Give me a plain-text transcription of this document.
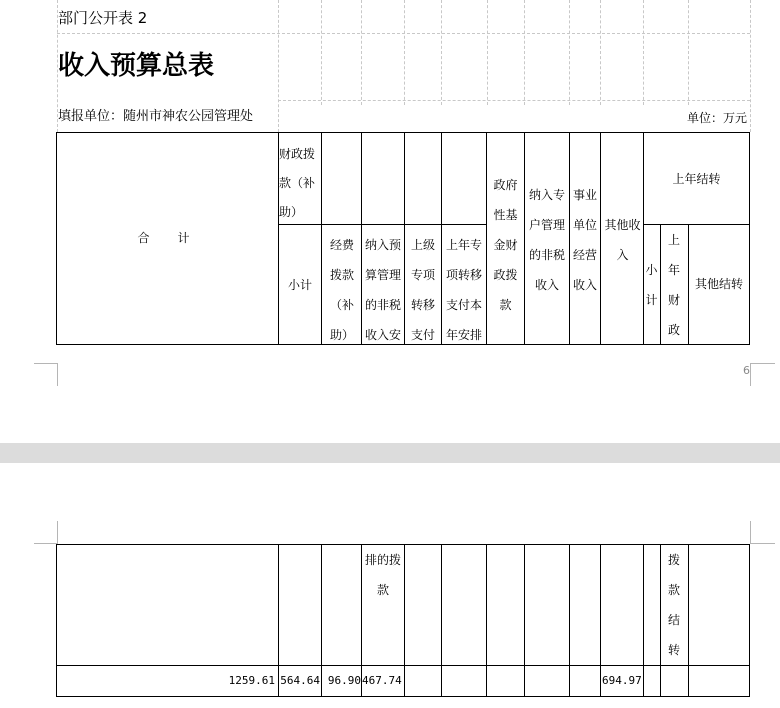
部门公开表 2
收入预算总表
填报单位：随州市神农公园管理处	单位：万元
合　计
财政拨款（补助）
小计
经费拨款（补助）
纳入预算管理的非税收入安
上级专项转移支付
上年专项转移支付本年安排
政府性基金财政拨款
纳入专户管理的非税收入
事业单位经营收入
其他收入
上年结转
小计
上年财政
其他结转
6
排的拨款
拨款结转
1259.61 564.64 96.90 467.74	694.97
